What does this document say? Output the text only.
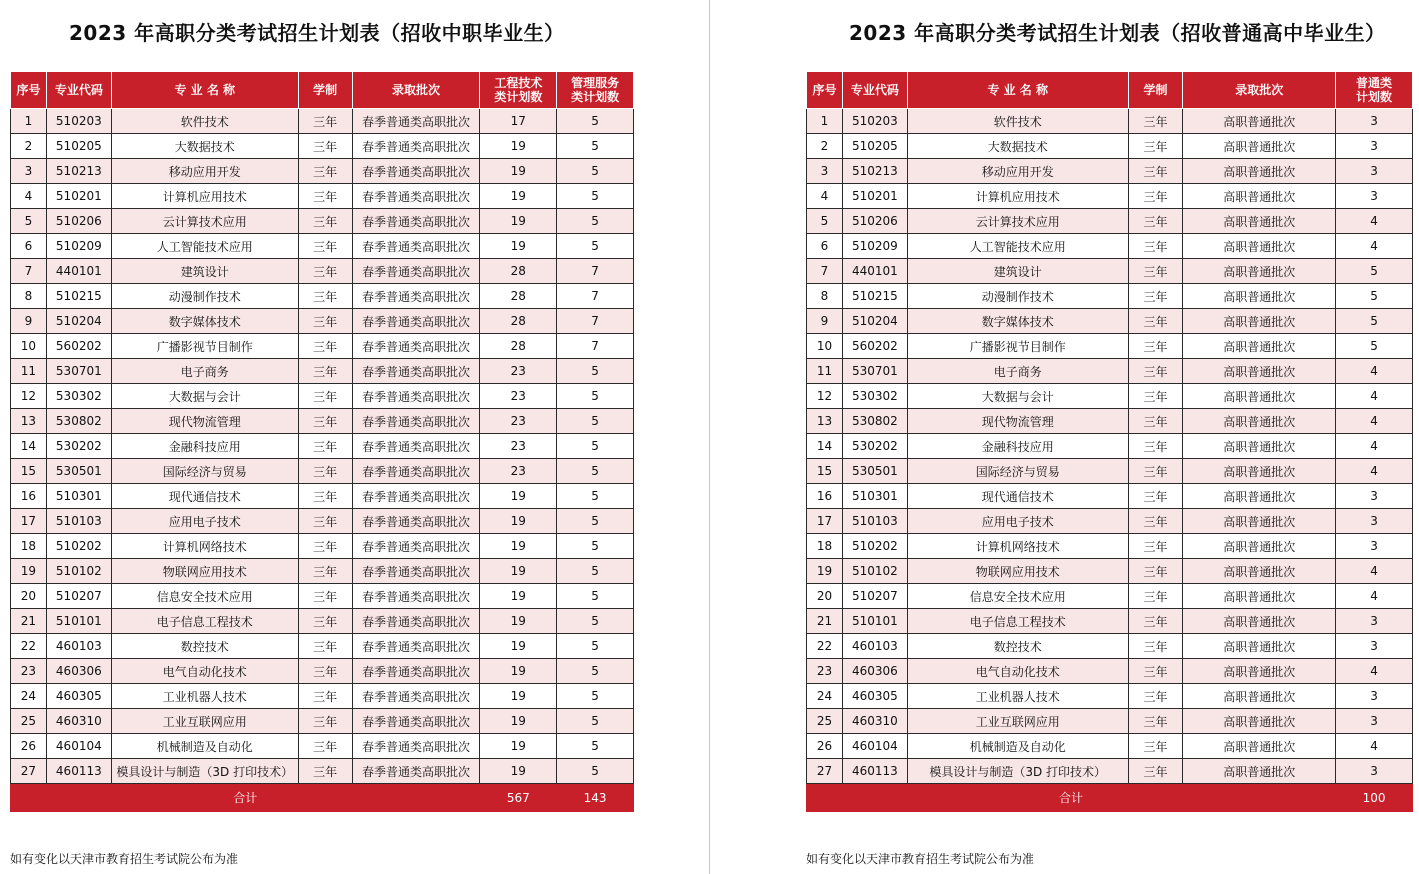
2023 年高职分类考试招生计划表（招收中职毕业生）
序号	专业代码	专 业 名 称	学制	录取批次	工程技术类计划数	管理服务类计划数
1	510203	软件技术	三年	春季普通类高职批次	17	5
2	510205	大数据技术	三年	春季普通类高职批次	19	5
3	510213	移动应用开发	三年	春季普通类高职批次	19	5
4	510201	计算机应用技术	三年	春季普通类高职批次	19	5
5	510206	云计算技术应用	三年	春季普通类高职批次	19	5
6	510209	人工智能技术应用	三年	春季普通类高职批次	19	5
7	440101	建筑设计	三年	春季普通类高职批次	28	7
8	510215	动漫制作技术	三年	春季普通类高职批次	28	7
9	510204	数字媒体技术	三年	春季普通类高职批次	28	7
10	560202	广播影视节目制作	三年	春季普通类高职批次	28	7
11	530701	电子商务	三年	春季普通类高职批次	23	5
12	530302	大数据与会计	三年	春季普通类高职批次	23	5
13	530802	现代物流管理	三年	春季普通类高职批次	23	5
14	530202	金融科技应用	三年	春季普通类高职批次	23	5
15	530501	国际经济与贸易	三年	春季普通类高职批次	23	5
16	510301	现代通信技术	三年	春季普通类高职批次	19	5
17	510103	应用电子技术	三年	春季普通类高职批次	19	5
18	510202	计算机网络技术	三年	春季普通类高职批次	19	5
19	510102	物联网应用技术	三年	春季普通类高职批次	19	5
20	510207	信息安全技术应用	三年	春季普通类高职批次	19	5
21	510101	电子信息工程技术	三年	春季普通类高职批次	19	5
22	460103	数控技术	三年	春季普通类高职批次	19	5
23	460306	电气自动化技术	三年	春季普通类高职批次	19	5
24	460305	工业机器人技术	三年	春季普通类高职批次	19	5
25	460310	工业互联网应用	三年	春季普通类高职批次	19	5
26	460104	机械制造及自动化	三年	春季普通类高职批次	19	5
27	460113	模具设计与制造（3D 打印技术）	三年	春季普通类高职批次	19	5
合计					567	143
如有变化以天津市教育招生考试院公布为准
2023 年高职分类考试招生计划表（招收普通高中毕业生）
序号	专业代码	专 业 名 称	学制	录取批次	普通类计划数
1	510203	软件技术	三年	高职普通批次	3
2	510205	大数据技术	三年	高职普通批次	3
3	510213	移动应用开发	三年	高职普通批次	3
4	510201	计算机应用技术	三年	高职普通批次	3
5	510206	云计算技术应用	三年	高职普通批次	4
6	510209	人工智能技术应用	三年	高职普通批次	4
7	440101	建筑设计	三年	高职普通批次	5
8	510215	动漫制作技术	三年	高职普通批次	5
9	510204	数字媒体技术	三年	高职普通批次	5
10	560202	广播影视节目制作	三年	高职普通批次	5
11	530701	电子商务	三年	高职普通批次	4
12	530302	大数据与会计	三年	高职普通批次	4
13	530802	现代物流管理	三年	高职普通批次	4
14	530202	金融科技应用	三年	高职普通批次	4
15	530501	国际经济与贸易	三年	高职普通批次	4
16	510301	现代通信技术	三年	高职普通批次	3
17	510103	应用电子技术	三年	高职普通批次	3
18	510202	计算机网络技术	三年	高职普通批次	3
19	510102	物联网应用技术	三年	高职普通批次	4
20	510207	信息安全技术应用	三年	高职普通批次	4
21	510101	电子信息工程技术	三年	高职普通批次	3
22	460103	数控技术	三年	高职普通批次	3
23	460306	电气自动化技术	三年	高职普通批次	4
24	460305	工业机器人技术	三年	高职普通批次	3
25	460310	工业互联网应用	三年	高职普通批次	3
26	460104	机械制造及自动化	三年	高职普通批次	4
27	460113	模具设计与制造（3D 打印技术）	三年	高职普通批次	3
合计					100
如有变化以天津市教育招生考试院公布为准
